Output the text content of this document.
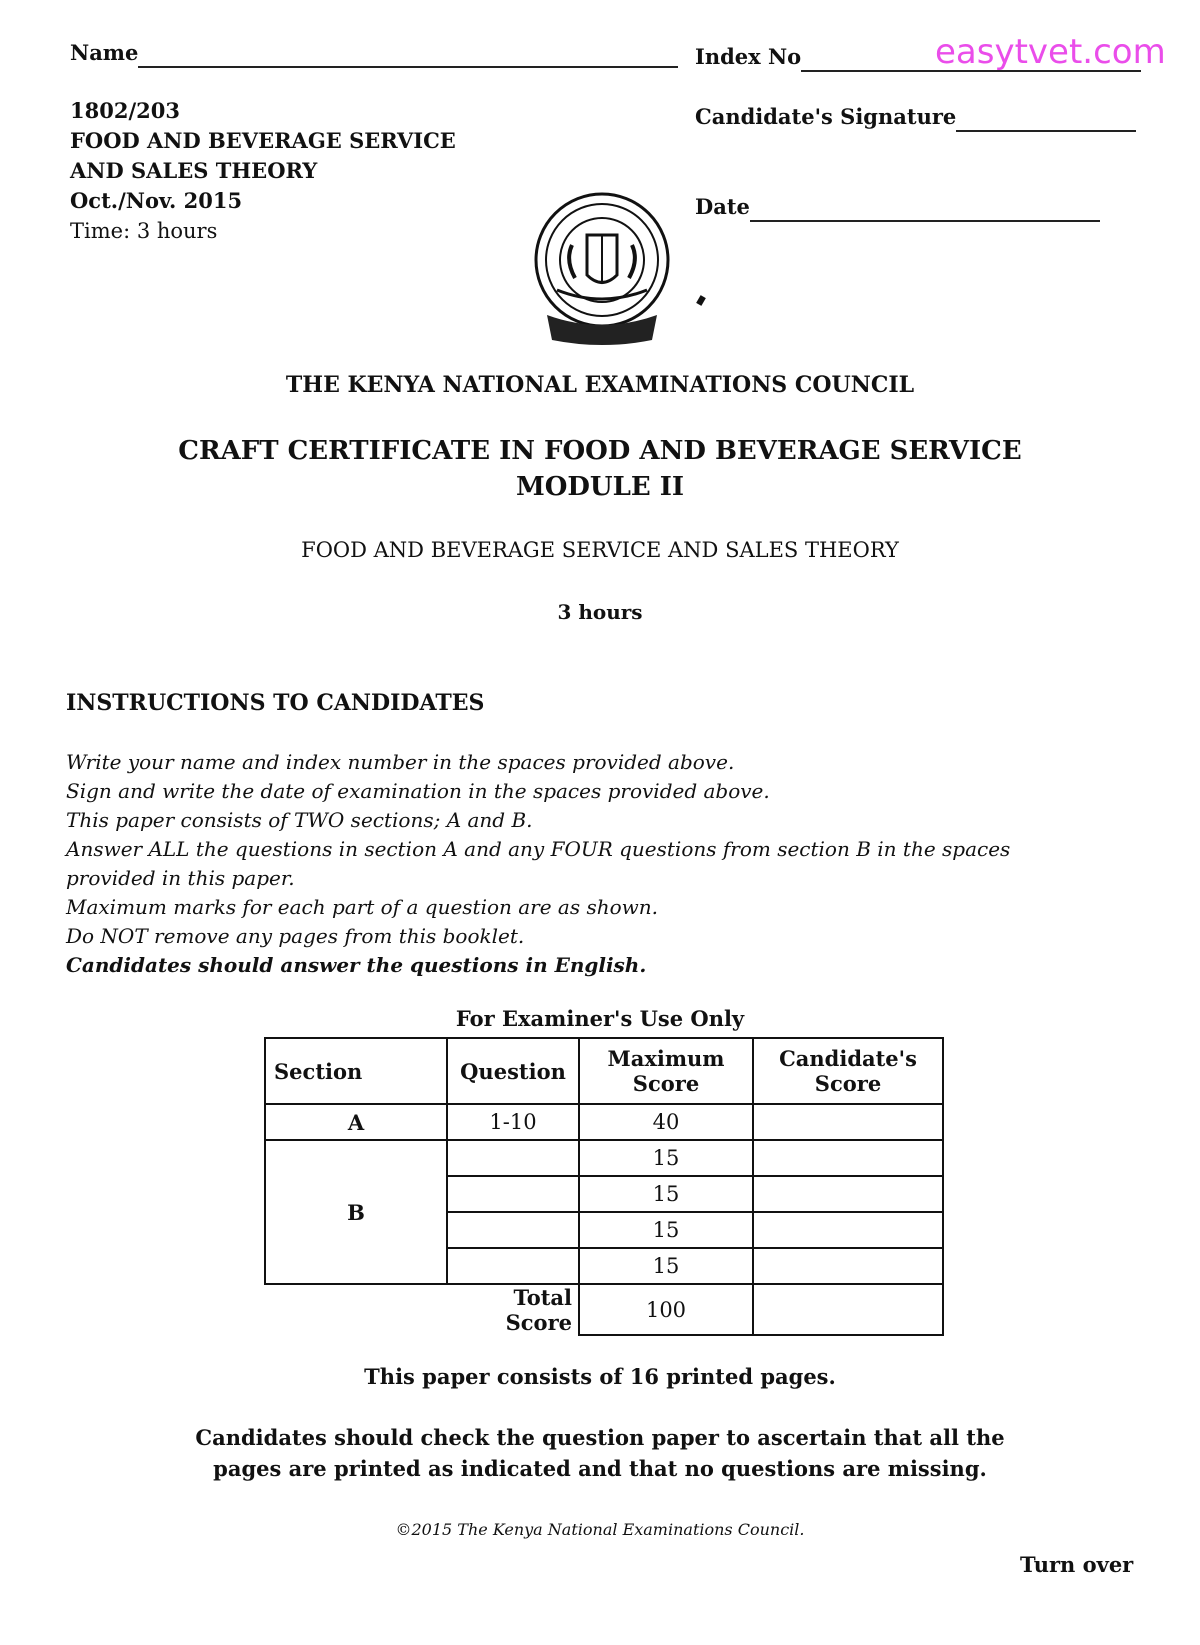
Name	Index No	easytvet.com
1802/203
FOOD AND BEVERAGE SERVICE
AND SALES THEORY
Oct./Nov. 2015
Time: 3 hours
Candidate's Signature
Date
THE KENYA NATIONAL EXAMINATIONS COUNCIL
CRAFT CERTIFICATE IN FOOD AND BEVERAGE SERVICE
MODULE II
FOOD AND BEVERAGE SERVICE AND SALES THEORY
3 hours
INSTRUCTIONS TO CANDIDATES
Write your name and index number in the spaces provided above.
Sign and write the date of examination in the spaces provided above.
This paper consists of TWO sections; A and B.
Answer ALL the questions in section A and any FOUR questions from section B in the spaces
provided in this paper.
Maximum marks for each part of a question are as shown.
Do NOT remove any pages from this booklet.
Candidates should answer the questions in English.
For Examiner's Use Only
Section	Question	Maximum Score	Candidate's Score
A	1-10	40	
B		15	
		15	
		15	
		15	
	Total Score	100	
This paper consists of 16 printed pages.
Candidates should check the question paper to ascertain that all the
pages are printed as indicated and that no questions are missing.
©2015 The Kenya National Examinations Council.
Turn over
